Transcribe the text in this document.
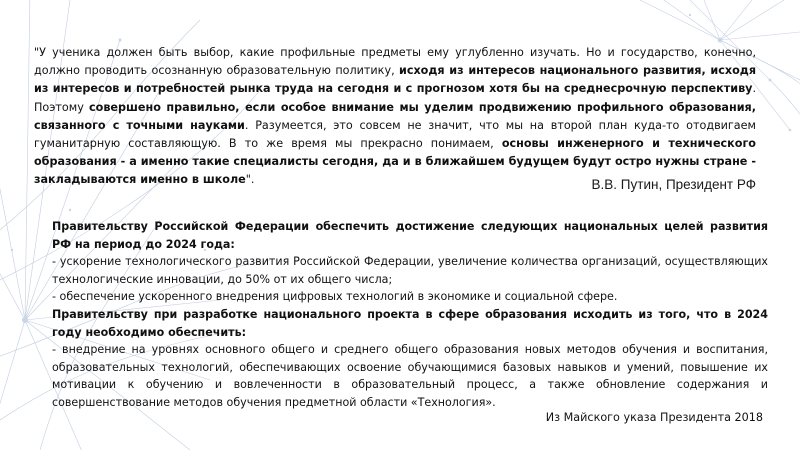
"У ученика должен быть выбор, какие профильные предметы ему углубленно изучать. Но и государство, конечно, должно проводить осознанную образовательную политику, исходя из интересов национального развития, исходя из интересов и потребностей рынка труда на сегодня и с прогнозом хотя бы на среднесрочную перспективу. Поэтому совершено правильно, если особое внимание мы уделим продвижению профильного образования, связанного с точными науками. Разумеется, это совсем не значит, что мы на второй план куда-то отодвигаем гуманитарную составляющую. В то же время мы прекрасно понимаем, основы инженерного и технического образования - а именно такие специалисты сегодня, да и в ближайшем будущем будут остро нужны стране - закладываются именно в школе".	В.В. Путин, Президент РФ

Правительству Российской Федерации обеспечить достижение следующих национальных целей развития РФ на период до 2024 года:

- ускорение технологического развития Российской Федерации, увеличение количества организаций, осуществляющих технологические инновации, до 50% от их общего числа;

- обеспечение ускоренного внедрения цифровых технологий в экономике и социальной сфере.

Правительству при разработке национального проекта в сфере образования исходить из того, что в 2024 году необходимо обеспечить:

- внедрение на уровнях основного общего и среднего общего образования новых методов обучения и воспитания, образовательных технологий, обеспечивающих освоение обучающимися базовых навыков и умений, повышение их мотивации к обучению и вовлеченности в образовательный процесс, а также обновление содержания и совершенствование методов обучения предметной области «Технология».

Из Майского указа Президента 2018
